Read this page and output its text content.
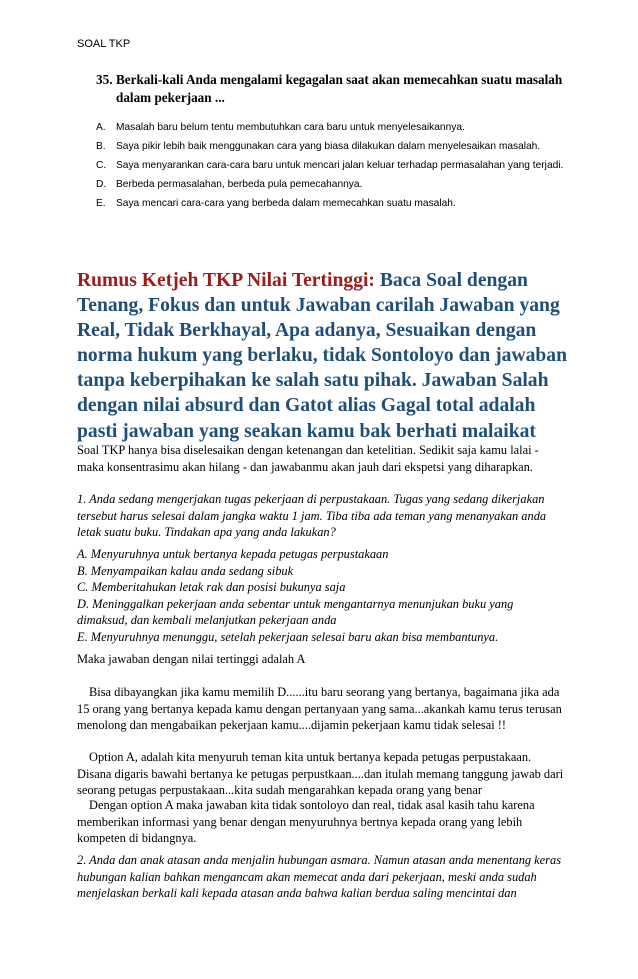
SOAL TKP
35. Berkali-kali Anda mengalami kegagalan saat akan memecahkan suatu masalah dalam pekerjaan ...
A. Masalah baru belum tentu membutuhkan cara baru untuk menyelesaikannya.
B. Saya pikir lebih baik menggunakan cara yang biasa dilakukan dalam menyelesaikan masalah.
C. Saya menyarankan cara-cara baru untuk mencari jalan keluar terhadap permasalahan yang terjadi.
D. Berbeda permasalahan, berbeda pula pemecahannya.
E. Saya mencari cara-cara yang berbeda dalam memecahkan suatu masalah.
Rumus Ketjeh TKP Nilai Tertinggi: Baca Soal dengan Tenang, Fokus dan untuk Jawaban carilah Jawaban yang Real, Tidak Berkhayal, Apa adanya, Sesuaikan dengan norma hukum yang berlaku, tidak Sontoloyo dan jawaban tanpa keberpihakan ke salah satu pihak. Jawaban Salah dengan nilai absurd dan Gatot alias Gagal total adalah pasti jawaban yang seakan kamu bak berhati malaikat

Soal TKP hanya bisa diselesaikan dengan ketenangan dan ketelitian. Sedikit saja kamu lalai - maka konsentrasimu akan hilang - dan jawabanmu akan jauh dari ekspetsi yang diharapkan.

1. Anda sedang mengerjakan tugas pekerjaan di perpustakaan. Tugas yang sedang dikerjakan tersebut harus selesai dalam jangka waktu 1 jam. Tiba tiba ada teman yang menanyakan anda letak suatu buku. Tindakan apa yang anda lakukan?

A. Menyuruhnya untuk bertanya kepada petugas perpustakaan

B. Menyampaikan kalau anda sedang sibuk

C. Memberitahukan letak rak dan posisi bukunya saja

D. Meninggalkan pekerjaan anda sebentar untuk mengantarnya menunjukan buku yang dimaksud, dan kembali melanjutkan pekerjaan anda

E. Menyuruhnya menunggu, setelah pekerjaan selesai baru akan bisa membantunya.

Maka jawaban dengan nilai tertinggi adalah A

Bisa dibayangkan jika kamu memilih D......itu baru seorang yang bertanya, bagaimana jika ada 15 orang yang bertanya kepada kamu dengan pertanyaan yang sama...akankah kamu terus terusan menolong dan mengabaikan pekerjaan kamu....dijamin pekerjaan kamu tidak selesai !!

Option A, adalah kita menyuruh teman kita untuk bertanya kepada petugas perpustakaan. Disana digaris bawahi bertanya ke petugas perpustkaan....dan itulah memang tanggung jawab dari seorang petugas perpustakaan...kita sudah mengarahkan kepada orang yang benar

Dengan option A maka jawaban kita tidak sontoloyo dan real, tidak asal kasih tahu karena memberikan informasi yang benar dengan menyuruhnya bertnya kepada orang yang lebih kompeten di bidangnya.

2. Anda dan anak atasan anda menjalin hubungan asmara. Namun atasan anda menentang keras hubungan kalian bahkan mengancam akan memecat anda dari pekerjaan, meski anda sudah menjelaskan berkali kali kepada atasan anda bahwa kalian berdua saling mencintai dan
